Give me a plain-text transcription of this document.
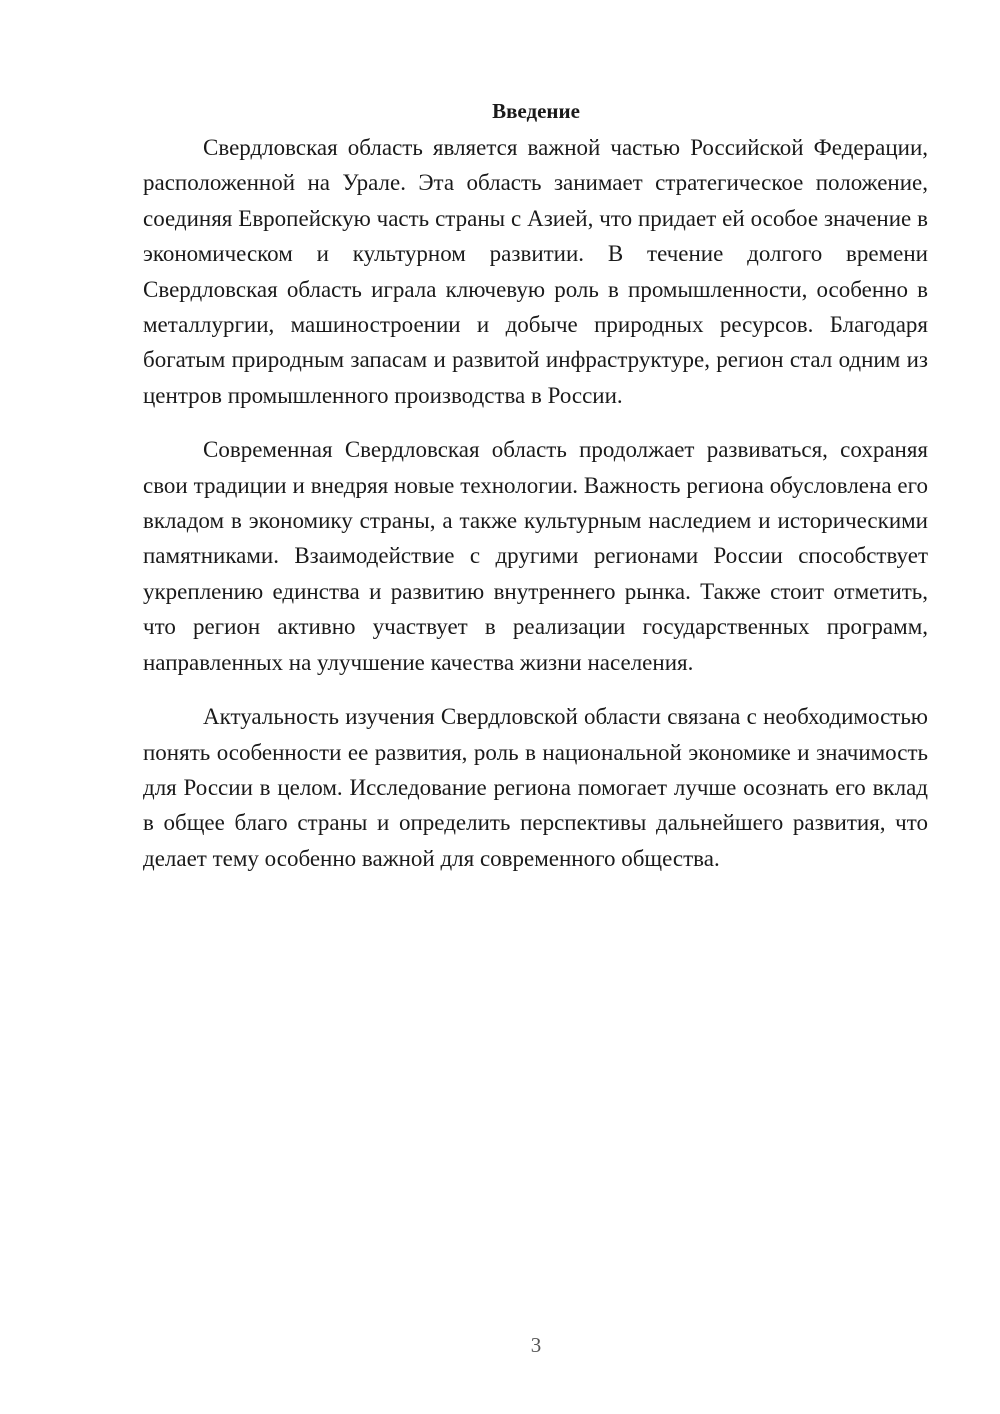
Введение

Свердловская область является важной частью Российской Федерации, расположенной на Урале. Эта область занимает стратегическое положение, соединяя Европейскую часть страны с Азией, что придает ей особое значение в экономическом и культурном развитии. В течение долгого времени Свердловская область играла ключевую роль в промышленности, особенно в металлургии, машиностроении и добыче природных ресурсов. Благодаря богатым природным запасам и развитой инфраструктуре, регион стал одним из центров промышленного производства в России.

Современная Свердловская область продолжает развиваться, сохраняя свои традиции и внедряя новые технологии. Важность региона обусловлена его вкладом в экономику страны, а также культурным наследием и историческими памятниками. Взаимодействие с другими регионами России способствует укреплению единства и развитию внутреннего рынка. Также стоит отметить, что регион активно участвует в реализации государственных программ, направленных на улучшение качества жизни населения.

Актуальность изучения Свердловской области связана с необходимостью понять особенности ее развития, роль в национальной экономике и значимость для России в целом. Исследование региона помогает лучше осознать его вклад в общее благо страны и определить перспективы дальнейшего развития, что делает тему особенно важной для современного общества.

3
